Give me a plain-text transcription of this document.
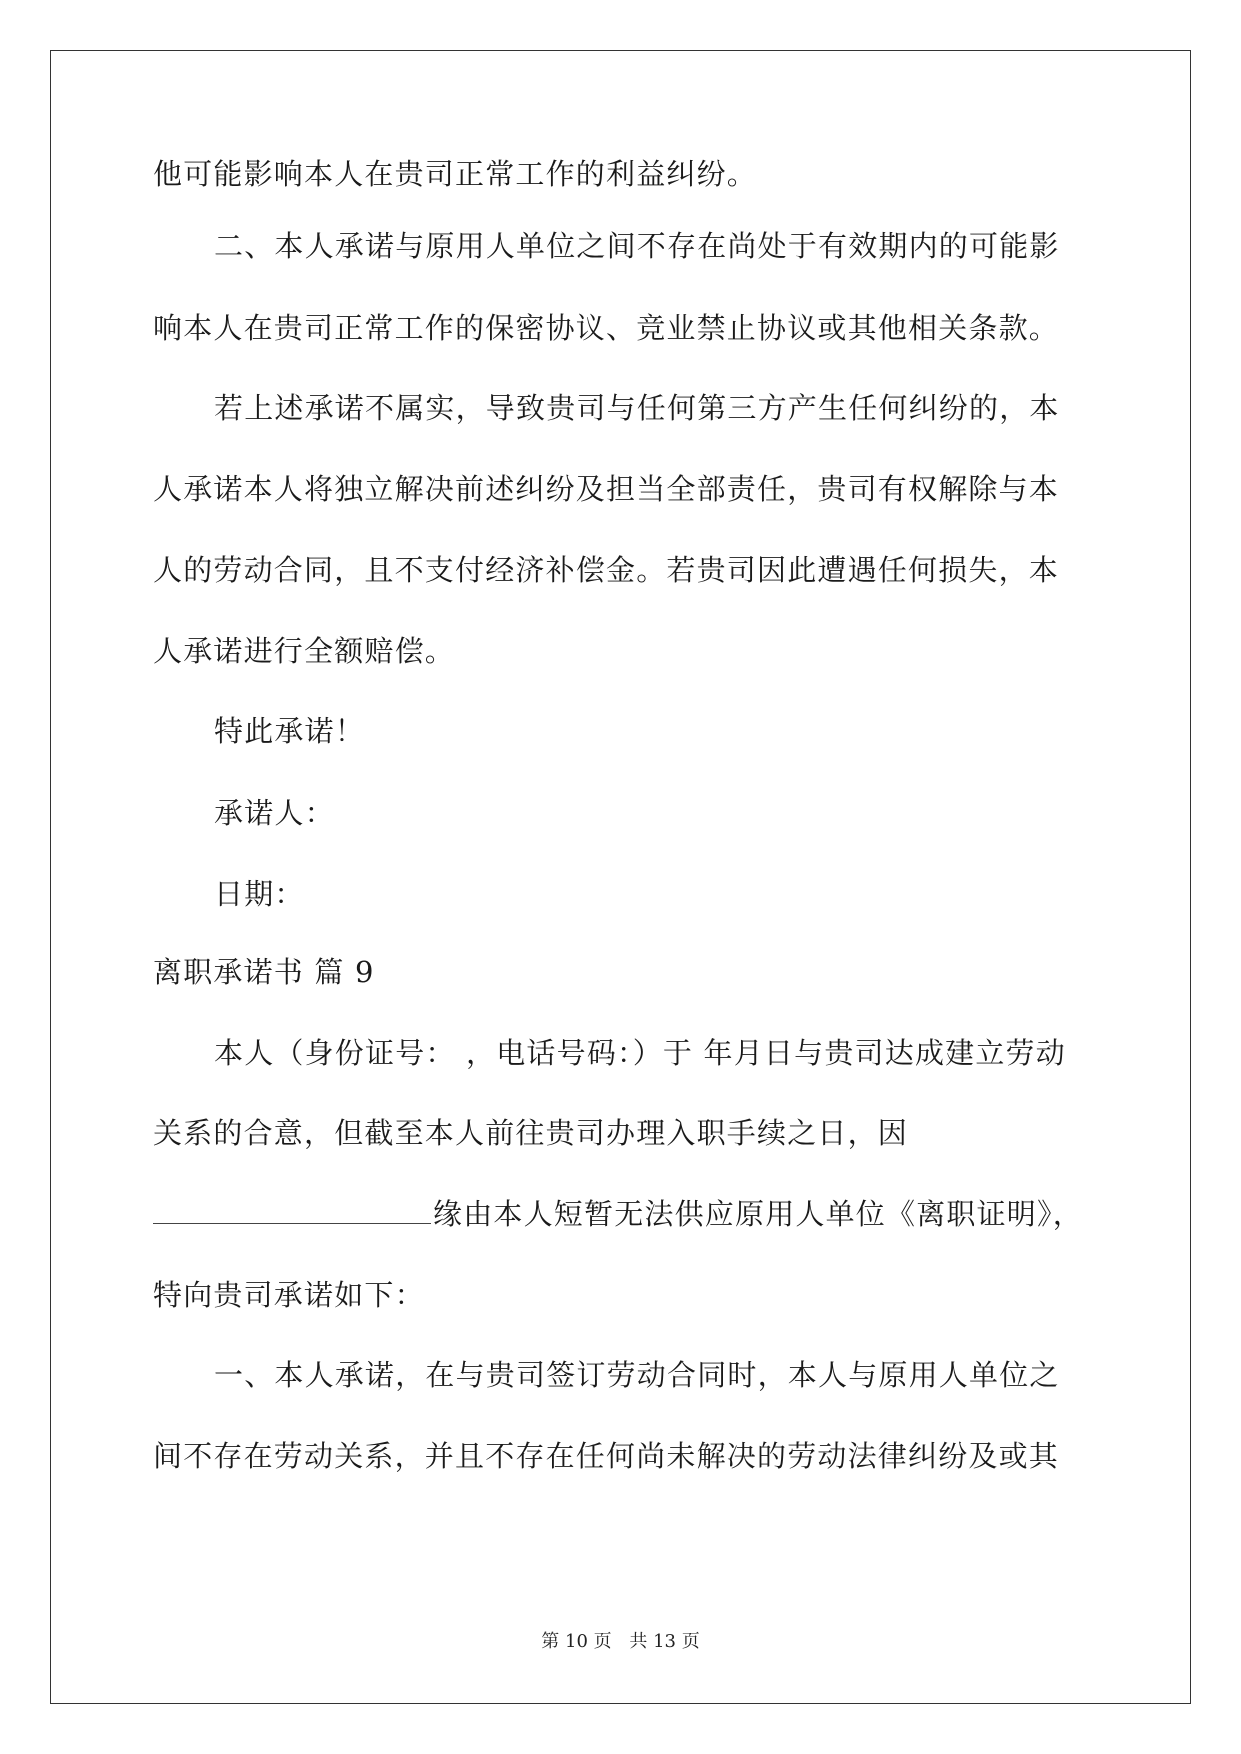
他可能影响本人在贵司正常工作的利益纠纷。
二、本人承诺与原用人单位之间不存在尚处于有效期内的可能影
响本人在贵司正常工作的保密协议、竞业禁止协议或其他相关条款。
若上述承诺不属实，导致贵司与任何第三方产生任何纠纷的，本
人承诺本人将独立解决前述纠纷及担当全部责任，贵司有权解除与本
人的劳动合同，且不支付经济补偿金。若贵司因此遭遇任何损失，本
人承诺进行全额赔偿。
特此承诺！
承诺人：
日期：
离职承诺书 篇 9
本人（身份证号： ，电话号码：）于 年月日与贵司达成建立劳动
关系的合意，但截至本人前往贵司办理入职手续之日，因
缘由本人短暂无法供应原用人单位《离职证明》，
特向贵司承诺如下：
一、本人承诺，在与贵司签订劳动合同时，本人与原用人单位之
间不存在劳动关系，并且不存在任何尚未解决的劳动法律纠纷及或其
第 10 页 共 13 页
